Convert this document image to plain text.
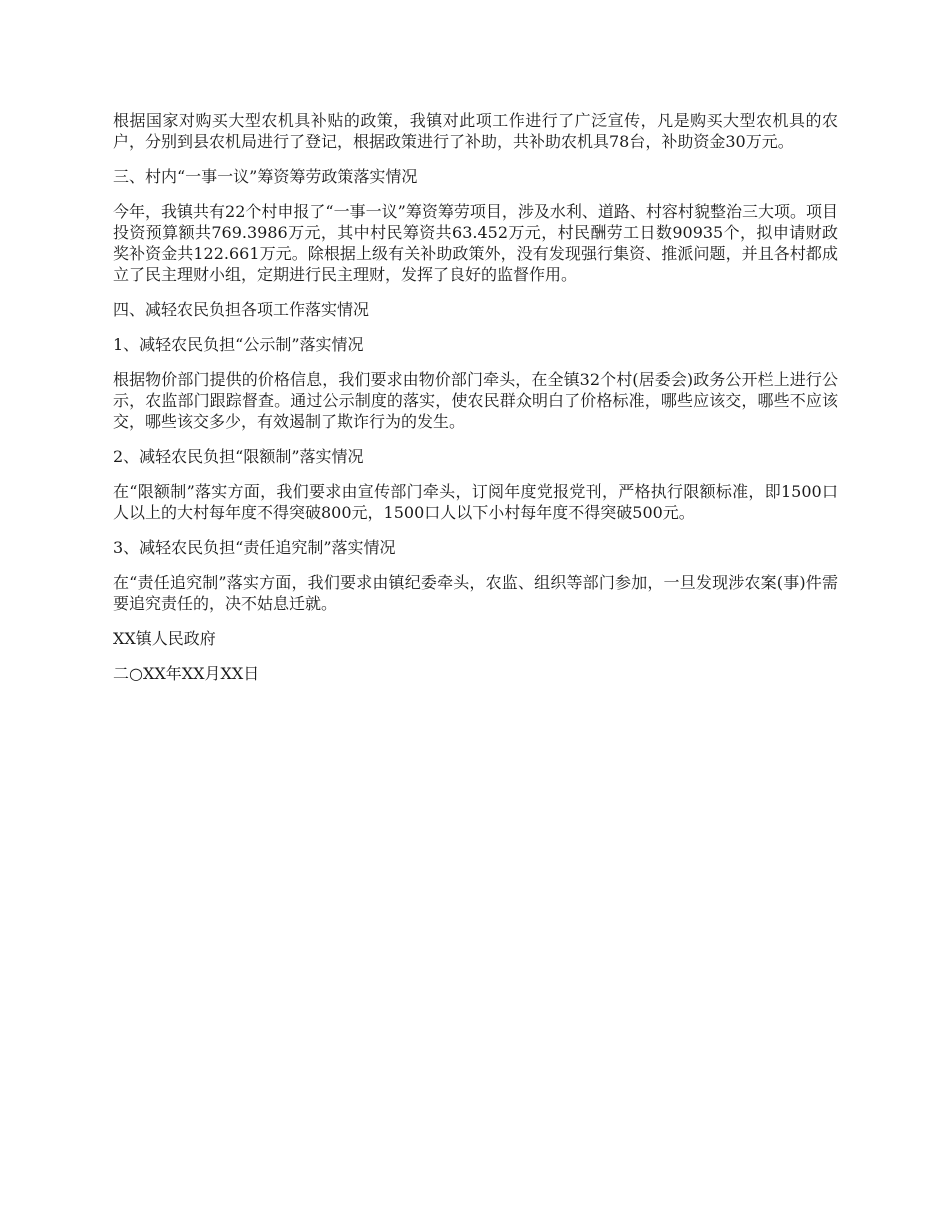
根据国家对购买大型农机具补贴的政策，我镇对此项工作进行了广泛宣传，凡是购买大型农机具的农户，分别到县农机局进行了登记，根据政策进行了补助，共补助农机具78台，补助资金30万元。

三、村内“一事一议”筹资筹劳政策落实情况

今年，我镇共有22个村申报了“一事一议”筹资筹劳项目，涉及水利、道路、村容村貌整治三大项。项目投资预算额共769.3986万元，其中村民筹资共63.452万元，村民酬劳工日数90935个，拟申请财政奖补资金共122.661万元。除根据上级有关补助政策外，没有发现强行集资、推派问题，并且各村都成立了民主理财小组，定期进行民主理财，发挥了良好的监督作用。

四、减轻农民负担各项工作落实情况

1、减轻农民负担“公示制”落实情况

根据物价部门提供的价格信息，我们要求由物价部门牵头，在全镇32个村(居委会)政务公开栏上进行公示，农监部门跟踪督查。通过公示制度的落实，使农民群众明白了价格标准，哪些应该交，哪些不应该交，哪些该交多少，有效遏制了欺诈行为的发生。

2、减轻农民负担“限额制”落实情况

在“限额制”落实方面，我们要求由宣传部门牵头，订阅年度党报党刊，严格执行限额标准，即1500口人以上的大村每年度不得突破800元，1500口人以下小村每年度不得突破500元。

3、减轻农民负担“责任追究制”落实情况

在“责任追究制”落实方面，我们要求由镇纪委牵头，农监、组织等部门参加，一旦发现涉农案(事)件需要追究责任的，决不姑息迁就。

XX镇人民政府

二○XX年XX月XX日
